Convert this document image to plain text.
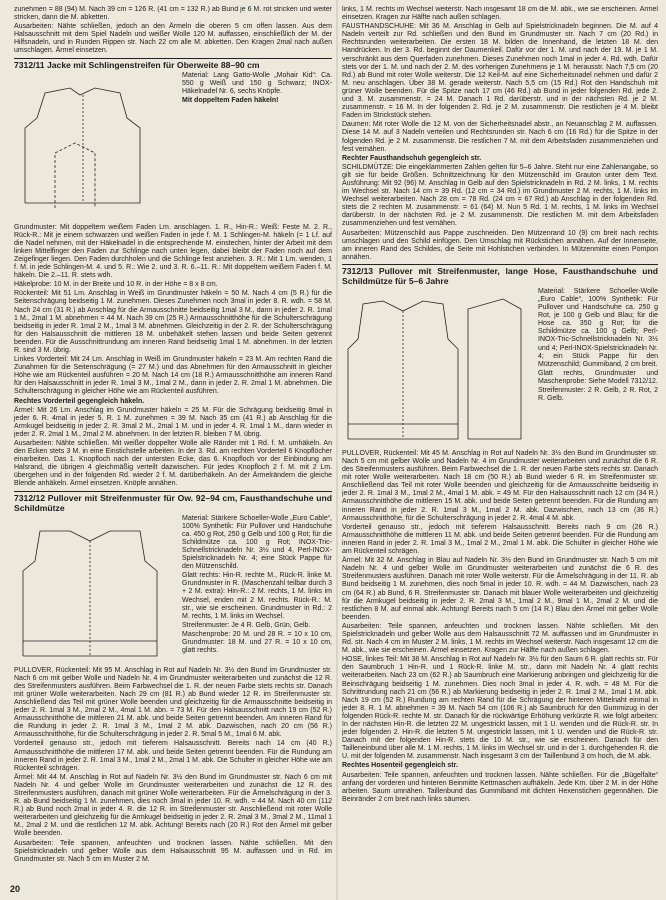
zunehmen = 88 (94) M. Nach 39 cm = 126 R. (41 cm = 132 R.) ab Bund je 6 M. rot stricken und weiter stricken, dann die M. abketten.

Ausarbeiten: Nähte schließen, jedoch an den Ärmeln die oberen 5 cm offen lassen. Aus dem Halsausschnitt mit dem Spiel Nadeln und weißer Wolle 120 M. auffassen, einschließlich der M. der Hilfsnadeln, und in Runden Rippen str. Nach 22 cm alle M. abketten. Den Kragen 2mal nach außen umschlagen. Ärmel einsetzen.

7312/11 Jacke mit Schlingenstreifen für Oberweite 88–90 cm

Material: Lang Gatto-Wolle „Mohair Kid“: Ca. 550 g Weiß und 150 g Schwarz; INOX-Häkelnadel Nr. 6, sechs Knöpfe.

Mit doppeltem Faden häkeln!

Grundmuster: Mit doppeltem weißem Faden Lm. anschlagen. 1. R., Hin-R.: Weiß: Feste M. 2. R., Rück-R.: Mit je einem schwarzen und weißen Faden in jede f. M. 1 Schlingen-M. häkeln (= 1 Lf. auf die Nadel nehmen, mit der Häkelnadel in die entsprechende M. einstechen, hinter der Arbeit mit dem linken Mittelfinger den Faden zur Schlinge nach unten legen, dabei bleibt der Faden noch auf dem Zeigefinger liegen. Den Faden durchholen und die Schlinge fest anziehen. 3. R.: Mit 1 Lm. wenden, 1 f. M. in jede Schlingen-M. 4. und 5. R.: Wie 2. und 3. R. 6.–11. R.: Mit doppeltem weißem Faden f. M. häkeln. Die 2.–11. R. stets wdh.

Häkelprobe: 10 M. in der Breite und 10 R. in der Höhe = 8 x 8 cm.

Rückenteil: Mit 51 Lm. Anschlag in Weiß im Grundmuster häkeln = 50 M. Nach 4 cm (5 R.) für die Seitenschrägung beidseitig 1 M. zunehmen. Dieses Zunehmen noch 3mal in jeder 8. R. wdh. = 58 M. Nach 24 cm (31 R.) ab Anschlag für die Armausschnitte beidseitig 1mal 3 M., dann in jeder 2. R. 1mal 1 M., 2mal 1 M. abnehmen = 44 M. Nach 39 cm (25 R.) Armausschnitthöhe für die Schulterschrägung beidseitig in jeder R. 1mal 2 M., 1mal 3 M. abnehmen. Gleichzeitig in der 2. R. der Schulterschrägung für den Halsausschnitt die mittleren 18 M. unbehäkelt stehen lassen und beide Seiten getrennt beenden. Für die Ausschnittrundung am inneren Rand beidseitig 1mal 1 M. abnehmen. In der letzten R. sind 3 M. übrig.

Linkes Vorderteil: Mit 24 Lm. Anschlag in Weiß im Grundmuster häkeln = 23 M. Am rechten Rand die Zunahmen für die Seitenschrägung (= 27 M.) und das Abnehmen für den Armausschnitt in gleicher Höhe wie am Rückenteil ausführen = 20 M. Nach 14 cm (18 R.) Armausschnitthöhe am inneren Rand für den Halsausschnitt in jeder R. 1mal 3 M., 1mal 2 M., dann in jeder 2. R. 2mal 1 M. abnehmen. Die Schulterschrägung in gleicher Höhe wie am Rückenteil ausführen.

Rechtes Vorderteil gegengleich häkeln.

Ärmel: Mit 26 Lm. Anschlag im Grundmuster häkeln = 25 M. Für die Schrägung beidseitig 8mal in jeder 6. R. 4mal in jeder 5. R. 1 M. zunehmen = 39 M. Nach 35 cm (41 R.) ab Anschlag für die Armkugel beidseitig in jeder 2. R. 3mal 2 M., 2mal 1 M. und in jeder 4. R. 1mal 1 M., dann wieder in jeder 2. R. 2mal 1 M., 2mal 2 M. abnehmen. In der letzten R. bleiben 7 M. übrig.

Ausarbeiten: Nähte schließen. Mit weißer doppelter Wolle alle Ränder mit 1 Rd. f. M. umhäkeln. An den Ecken stets 3 M. in eine Einstichstelle arbeiten. In der 3. Rd. am rechten Vorderteil 6 Knopflöcher einarbeiten. Das 1. Knopfloch nach der untersten Ecke, das 6. Knopfloch vor der Einbindung am Halsrand, die übrigen 4 gleichmäßig verteilt dazwischen. Für jedes Knopfloch 2 f. M. mit 2 Lm. übergehen und in der folgenden Rd. wieder 2 f. M. darüberhäkeln. An der Ärmelrändern die gleiche Blende anhäkeln. Ärmel einsetzen. Knöpfe annähen.

7312/12 Pullover mit Streifenmuster für Ow. 92–94 cm, Fausthandschuhe und Schildmütze

Material: Stärkere Schoeller-Wolle „Euro Cable“, 100% Synthetik: Für Pullover und Handschuhe ca. 450 g Rot, 250 g Gelb und 100 g Rot; für die Schildmütze ca. 100 g Rot; INOX-Tric-Schnellstricknadeln Nr. 3½ und 4, Perl-INOX-Spielstricknadeln Nr. 4; eine Stück Pappe für den Mützenschild.

Glatt rechts: Hin-R. rechte M., Rück-R. linke M. Grundmuster in R. (Maschenzahl teilbar durch 3 + 2 M. extra): Hin-R.: 2 M. rechts, 1 M. links im Wechsel, enden mit 2 M. rechts. Rück-R.: M. str., wie sie erscheinen. Grundmuster in Rd.: 2 M. rechts, 1 M. links im Wechsel.

Streifenmuster: Je 4 R. Gelb, Grün, Gelb.

Maschenprobe: 20 M. und 28 R. = 10 x 10 cm, Grundmuster: 18 M. und 27 R. = 10 x 10 cm, glatt rechts.

PULLOVER, Rückenteil: Mit 95 M. Anschlag in Rot auf Nadeln Nr. 3½ den Bund im Grundmuster str. Nach 6 cm mit gelber Wolle und Nadeln Nr. 4 im Grundmuster weiterarbeiten und zunächst die 12 R. des Streifenmusters ausführen. Beim Farbwechsel die 1. R. der neuen Farbe stets rechts str. Danach mit grüner Wolle weiterarbeiten. Nach 29 cm (81 R.) ab Bund wieder 12 R. im Streifenmuster str. Anschließend das Teil mit grüner Wolle beenden und gleichzeitig für die Armausschnitte beidseitig in jeder 2. R. 1mal 3 M., 2mal 2 M., 4mal 1 M. abn. = 73 M. Für den Halsausschnitt nach 19 cm (52 R.) Armausschnitthöhe die mittleren 21 M. abk. und beide Seiten getrennt beenden. Am inneren Rand für die Rundung in jeder 2. R. 1mal 3 M., 1mal 2 M. abk. Dazwischen, nach 20 cm (56 R.) Armausschnitthöhe, für die Schulterschrägung in jeder 2. R. 5mal 5 M., 1mal 6 M. abk.

Vorderteil genauso str., jedoch mit tieferem Halsausschnitt. Bereits nach 14 cm (40 R.) Armausschnitthöhe die mittleren 17 M. abk. und beide Seiten getrennt beenden. Für die Rundung am inneren Rand in jeder 2. R. 1mal 3 M., 1mal 2 M., 2mal 1 M. abk. Die Schulter in gleicher Höhe wie am Rückenteil schrägen.

Ärmel: Mit 44 M. Anschlag in Rot auf Nadeln Nr. 3½ den Bund im Grundmuster str. Nach 6 cm mit Nadeln Nr. 4 und gelber Wolle im Grundmuster weiterarbeiten und zunächst die 12 R. des Streifenmusters ausführen, danach mit grüner Wolle weiterarbeiten. Für die Ärmelschrägung in der 3. R. ab Bund beidseitig 1 M. zunehmen, dies noch 3mal in jeder 10. R. wdh. = 44 M. Nach 40 cm (112 R.) ab Bund noch 2mal in jeder 4. R. die 12 R. im Streifenmuster str. Anschließend mit roter Wolle weiterarbeiten und gleichzeitig für die Armkugel beidseitig in jeder 2. R. 2mal 3 M., 3mal 2 M., 11mal 1 M., 2mal 2 M. und die restlichen 12 M. abk. Achtung! Bereits nach (20 R.) Rot den Ärmel mit gelber Wolle beenden.

Ausarbeiten: Teile spannen, anfeuchten und trocknen lassen. Nähte schließen. Mit den Spielstricknadeln und gelber Wolle aus dem Halsausschnitt 95 M. auffassen und in Rd. im Grundmuster str. Nach 5 cm im Muster 2 M.

links, 1 M. rechts im Wechsel weiterstr. Nach insgesamt 18 cm die M. abk., wie sie erscheinen. Ärmel einsetzen. Kragen zur Hälfte nach außen schlagen.

FAUSTHANDSCHUHE: Mit 36 M. Anschlag in Gelb auf Spielstricknadeln beginnen. Die M. auf 4 Nadeln verteilt zur Rd. schließen und den Bund im Grundmuster str. Nach 7 cm (20 Rd.) in Rechtsrunden weiterarbeiten. Die ersten 18 M. bilden die Innenhand, die letzten 18 M. den Handrücken. In der 3. Rd. beginnt der Daumenkeil. Dafür vor der 1. M. und nach der 19. M. je 1 M. verschränkt aus dem Querfaden zunehmen. Dieses Zunehmen noch 1mal in jeder 4. Rd. wdh. Dafür stets vor der 1. M. und nach der 2. M. des vorherigen Zunehmens je 1 M. herausstr. Nach 7,5 cm (20 Rd.) ab Bund mit roter Wolle weiterstr. Die 12 Keil-M. auf eine Sicherheitsnadel nehmen und dafür 2 M. neu anschlagen. Über 38 M. gerade weiterstr. Nach 5,5 cm (15 Rd.) Rot den Handschuh mit grüner Wolle beenden. Für die Spitze nach 17 cm (46 Rd.) ab Bund in jeder folgenden Rd. jede 2. und 3. M. zusammenstr. = 24 M. Danach 1 Rd. darüberstr. und in der nächsten Rd. je 2 M. zusammenstr. = 16 M. In der folgenden 2. Rd. je 2 M. zusammenstr. Die restlichen je 4 M. bleibt Faden im Strickstück stehen.

Daumen: Mit roter Wolle die 12 M. von der Sicherheitsnadel abstr., an Neuanschlag 2 M. auffassen. Diese 14 M. auf 3 Nadeln verteilen und Rechtsrunden str. Nach 6 cm (16 Rd.) für die Spitze in der folgenden Rd. je 2 M. zusammenstr. Die restlichen 7 M. mit dem Arbeitsfaden zusammenziehen und fest vernähen.

Rechter Fausthandschuh gegengleich str.

SCHILDMÜTZE: Die eingeklammerten Zahlen gelten für 5–6 Jahre. Steht nur eine Zahlenangabe, so gilt sie für beide Größen. Schnittzeichnung für den Mützenschild im Grauton unter dem Text. Ausführung: Mit 92 (96) M. Anschlag in Gelb auf den Spielstricknadeln in Rd. 2 M. links, 1 M. rechts im Wechsel str. Nach 14 cm = 39 Rd. (12 cm = 34 Rd.) im Grundmuster 2 M. rechts, 1 M. links im Wechsel weiterarbeiten. Nach 28 cm = 78 Rd. (24 cm = 67 Rd.) ab Anschlag in der folgenden Rd. stets die 2 rechten M. zusammenstr. = 61 (64) M. Nun 5 Rd. 1 M. rechts, 1 M. links im Wechsel darüberstr. In der nächsten Rd. je 2 M. zusammenstr. Die restlichen M. mit dem Arbeitsfaden zusammenziehen und fest vernähen.

Ausarbeiten: Mützenschild aus Pappe zuschneiden. Den Mützenrand 10 (9) cm breit nach rechts umschlagen und den Schild einfügen. Den Umschlag mit Rückstichen annähen. Auf der Innenseite, am inneren Rand des Schildes, die Seite mit Hohlstichen verbinden. In Mützenmitte einen Pompon annähen.

7312/13 Pullover mit Streifenmuster, lange Hose, Fausthandschuhe und Schildmütze für 5–6 Jahre

Material: Stärkere Schoeller-Wolle „Euro Cable“, 100% Synthetik: Für Pullover und Handschuhe ca. 250 g Rot, je 100 g Gelb und Blau; für die Hose ca. 350 g Rot; für die Schildmütze ca. 100 g Gelb; Perl-INOX-Tric-Schnellstricknadeln Nr. 3½ und 4; Perl-INOX-Spielstricknadeln Nr. 4; ein Stück Pappe für den Mützenschild; Gummiband, 2 cm breit.

Glatt rechts, Grundmuster und Maschenprobe: Siehe Modell 7312/12.

Streifenmuster: 2 R. Gelb, 2 R. Rot, 2 R. Gelb.

PULLOVER, Rückenteil: Mit 45 M. Anschlag in Rot auf Nadeln Nr. 3½ den Bund im Grundmuster str. Nach 5 cm mit gelber Wolle und Nadeln Nr. 4 im Grundmuster weiterarbeiten und zunächst die 6 R. des Streifenmusters ausführen. Beim Farbwechsel die 1. R. der neuen Farbe stets rechts str. Danach mit roter Wolle weiterarbeiten. Nach 18 cm (50 R.) ab Bund wieder 6 R. im Streifenmuster str. Anschließend das Teil mit roter Wolle beenden und gleichzeitig für die Armausschnitte beidseitig in jeder 2. R. 1mal 3 M., 1mal 2 M., 4mal 1 M. abk. = 49 M. Für den Halsausschnitt nach 12 cm (34 R.) Armausschnitthöhe die mittleren 15 M. abk. und beide Seiten getrennt beenden. Für die Rundung am inneren Rand in jeder 2. R. 1mal 3 M., 1mal 2 M. abk. Dazwischen, nach 13 cm (36 R.) Armausschnitthöhe, für die Schulterschrägung in jeder 2. R. 4mal 4 M. abk.

Vorderteil genauso str., jedoch mit tieferem Halsausschnitt. Bereits nach 9 cm (26 R.) Armausschnitthöhe die mittleren 11 M. abk. und beide Seiten getrennt beenden. Für die Rundung am inneren Rand in jeder 2. R. 1mal 3 M., 1mal 2 M., 2mal 1 M. abk. Die Schulter in gleicher Höhe wie am Rückenteil schrägen.

Ärmel: Mit 32 M. Anschlag in Blau auf Nadeln Nr. 3½ den Bund im Grundmuster str. Nach 5 cm mit Nadeln Nr. 4 und gelber Wolle im Grundmuster weiterarbeiten und zunächst die 6 R. des Streifenmusters ausführen. Danach mit roter Wolle weiterstr. Für die Ärmelschrägung in der 11. R. ab Bund beidseitig 1 M. zunehmen, dies noch 5mal in jeder 10. R. wdh. = 44 M. Dazwischen, nach 23 cm (64 R.) ab Bund, 6 R. Streifenmuster str. Danach mit blauer Wolle weiterarbeiten und gleichzeitig für die Armkugel beidseitig in jeder 2. R. 2mal 3 M., 1mal 2 M., 9mal 1 M., 2mal 2 M. und die restlichen 8 M. auf einmal abk. Achtung! Bereits nach 5 cm (14 R.) Blau den Ärmel mit gelber Wolle beenden.

Ausarbeiten: Teile spannen, anfeuchten und trocknen lassen. Nähte schließen. Mit den Spielstricknadeln und gelber Wolle aus dem Halsausschnitt 72 M. auffassen und im Grundmuster in Rd. str. Nach 4 cm im Muster 2 M. links, 1 M. rechts im Wechsel weiterstr. Nach insgesamt 12 cm die M. abk., wie sie erscheinen. Ärmel einsetzen. Kragen zur Hälfte nach außen schlagen.

HOSE, linkes Teil: Mit 38 M. Anschlag in Rot auf Nadeln Nr. 3½ für den Saum 6 R. glatt rechts str. Für den Saumbruch 1 Hin-R. und 1 Rück-R. linke M. str., dann mit Nadeln Nr. 4 glatt rechts weiterarbeiten. Nach 23 cm (62 R.) ab Saumbruch eine Markierung anbringen und gleichzeitig für die Beinschrägung beidseitig 1 M. zunehmen. Dies noch 3mal in jeder 4. R. wdh. = 48 M. Für die Schrittrundung nach 21 cm (56 R.) ab Markierung beidseitig in jeder 2. R. 1mal 2 M., 1mal 1 M. abk. Nach 19 cm (52 R.) Rundung am rechten Rand für die Schrägung der hinteren Mittelnaht einmal in jeder 8. R. 1 M. abnehmen = 39 M. Nach 54 cm (106 R.) ab Saumbruch für den Gummizug in der folgenden Rück-R. rechte M. str. Danach für die rückwärtige Erhöhung verkürzte R. wie folgt arbeiten: In der nächsten Hin-R. die letzten 22 M. ungestrickt lassen, mit 1 U. wenden und die Rück-R. str. In jeder folgenden 2. Hin-R. die letzten 5 M. ungestrickt lassen, mit 1 U. wenden und die Rück-R. str. Danach mit der folgenden Hin-R. stets die 10 M. str., wie sie erscheinen. Danach für den Tailleneinbund über alle M. 1 M. rechts, 1 M. links im Wechsel str. und in der 1. durchgehenden R. die U. mit der folgenden M. zusammenstr. Nach insgesamt 3 cm der Taillenbund 3 cm hoch, die M. abk.

Rechtes Hosenteil gegengleich str.

Ausarbeiten: Teile spannen, anfeuchten und trocknen lassen. Nähte schließen. Für die „Bügelfalte“ anfang der vorderen und hinteren Beinmitte Kettmaschen aufhäkeln. Jede Km. über 2 M. in der Höhe arbeiten. Saum umnähen. Taillenbund das Gummiband mit dichten Hexenstichen gegennähen. Die Beinränder 2 cm breit nach links säumen.

20
